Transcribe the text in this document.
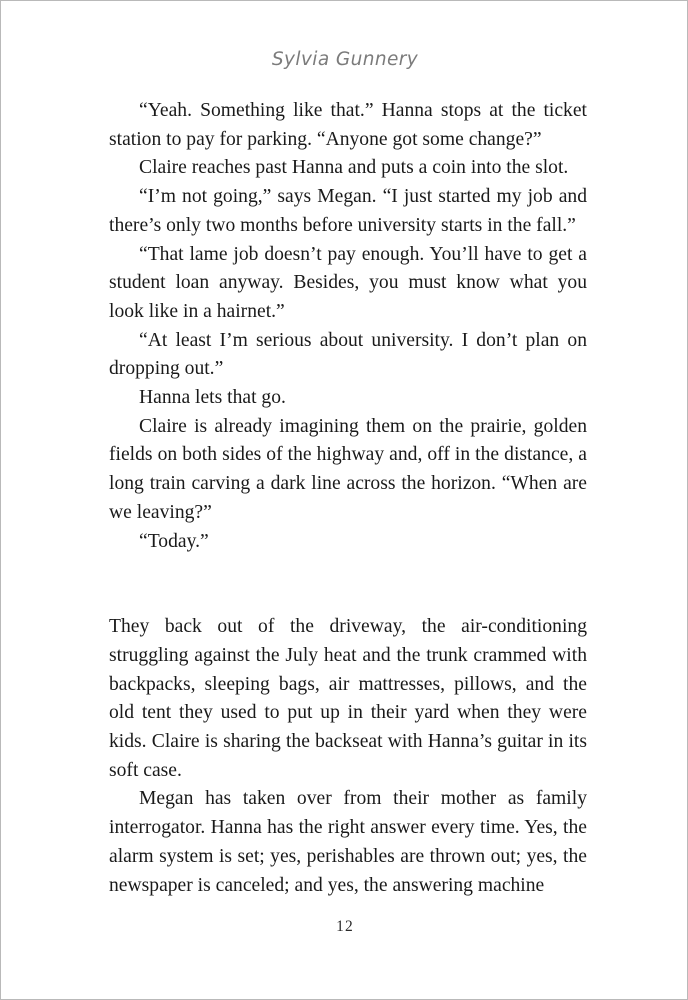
Sylvia Gunnery

“Yeah. Something like that.” Hanna stops at the ticket station to pay for parking. “Anyone got some change?”

Claire reaches past Hanna and puts a coin into the slot.

“I’m not going,” says Megan. “I just started my job and there’s only two months before university starts in the fall.”

“That lame job doesn’t pay enough. You’ll have to get a student loan anyway. Besides, you must know what you look like in a hairnet.”

“At least I’m serious about university. I don’t plan on dropping out.”

Hanna lets that go.

Claire is already imagining them on the prairie, golden fields on both sides of the highway and, off in the distance, a long train carving a dark line across the horizon. “When are we leaving?”

“Today.”

They back out of the driveway, the air-conditioning struggling against the July heat and the trunk crammed with backpacks, sleeping bags, air mattresses, pillows, and the old tent they used to put up in their yard when they were kids. Claire is sharing the backseat with Hanna’s guitar in its soft case.

Megan has taken over from their mother as family interrogator. Hanna has the right answer every time. Yes, the alarm system is set; yes, perishables are thrown out; yes, the newspaper is canceled; and yes, the answering machine

12
